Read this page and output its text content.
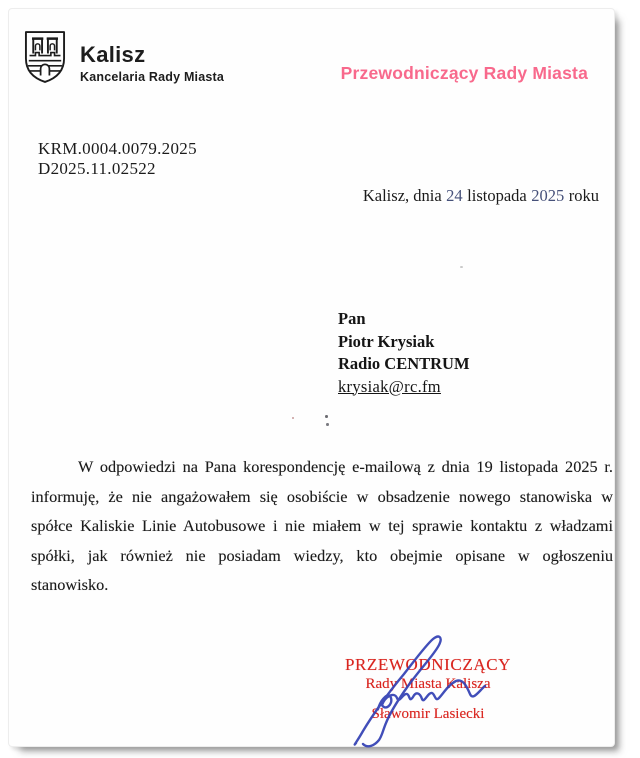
Kalisz
Kancelaria Rady Miasta	Przewodniczący Rady Miasta
KRM.0004.0079.2025
D2025.11.02522
Kalisz, dnia 24 listopada 2025 roku
Pan
Piotr Krysiak
Radio CENTRUM
krysiak@rc.fm

W odpowiedzi na Pana korespondencję e-mailową z dnia 19 listopada 2025 r. informuję, że nie angażowałem się osobiście w obsadzenie nowego stanowiska w spółce Kaliskie Linie Autobusowe i nie miałem w tej sprawie kontaktu z władzami spółki, jak również nie posiadam wiedzy, kto obejmie opisane w ogłoszeniu stanowisko.

PRZEWODNICZĄCY
Rady Miasta Kalisza
Sławomir Lasiecki
